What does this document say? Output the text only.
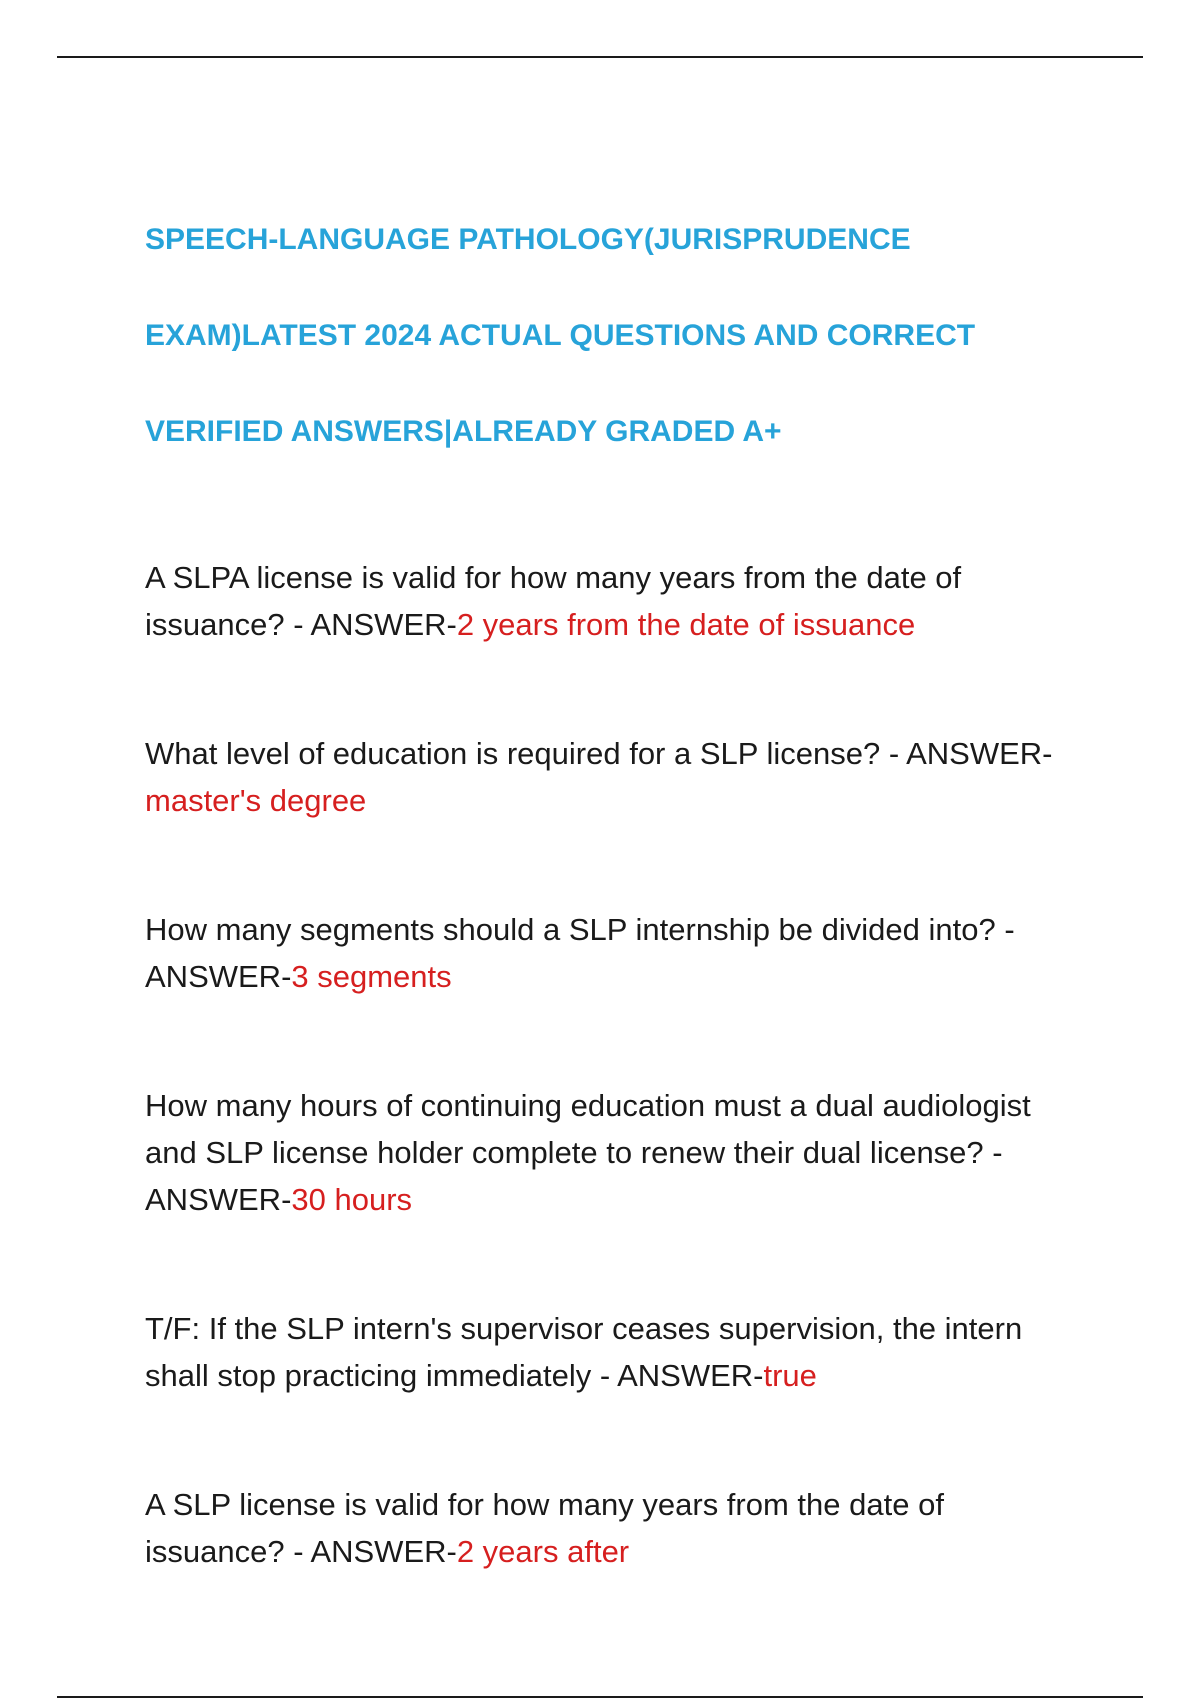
SPEECH-LANGUAGE PATHOLOGY(JURISPRUDENCE

EXAM)LATEST 2024 ACTUAL QUESTIONS AND CORRECT

VERIFIED ANSWERS|ALREADY GRADED A+

A SLPA license is valid for how many years from the date of issuance? - ANSWER-2 years from the date of issuance

What level of education is required for a SLP license? - ANSWER-master's degree

How many segments should a SLP internship be divided into? - ANSWER-3 segments

How many hours of continuing education must a dual audiologist and SLP license holder complete to renew their dual license? - ANSWER-30 hours

T/F: If the SLP intern's supervisor ceases supervision, the intern shall stop practicing immediately - ANSWER-true

A SLP license is valid for how many years from the date of issuance? - ANSWER-2 years after
